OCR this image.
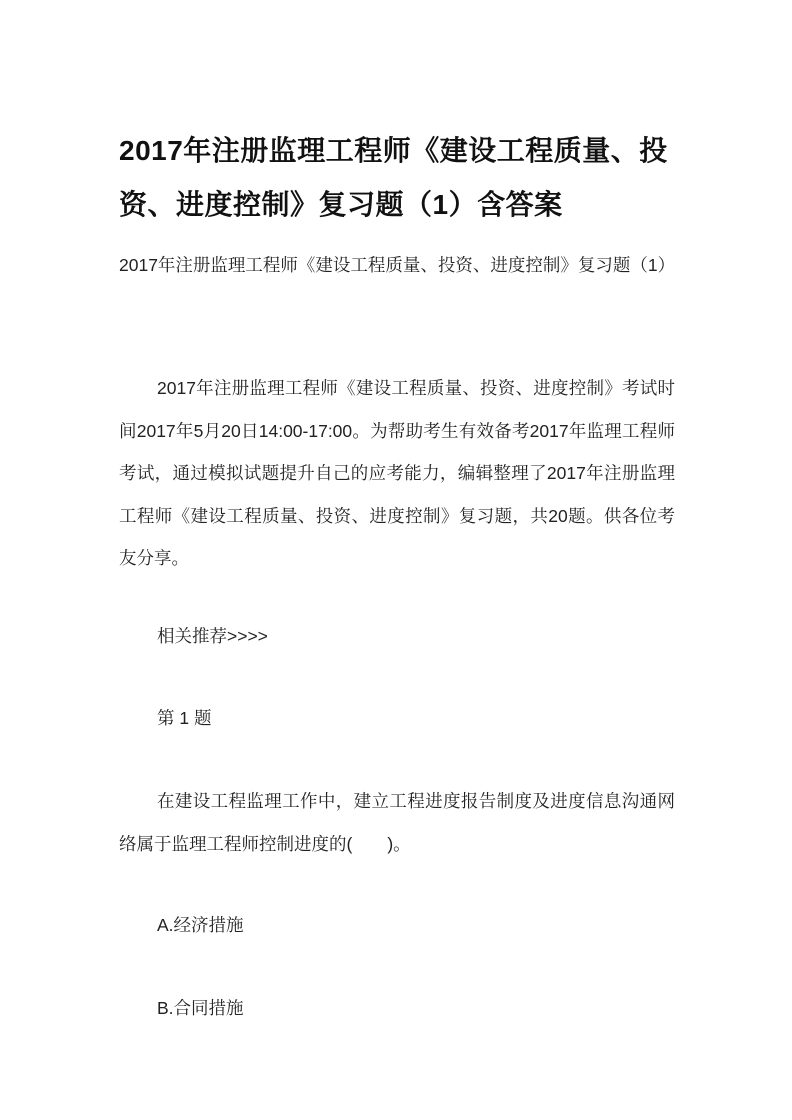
2017年注册监理工程师《建设工程质量、投资、进度控制》复习题（1）含答案

2017年注册监理工程师《建设工程质量、投资、进度控制》复习题（1）

2017年注册监理工程师《建设工程质量、投资、进度控制》考试时间2017年5月20日14:00-17:00。为帮助考生有效备考2017年监理工程师考试，通过模拟试题提升自己的应考能力，编辑整理了2017年注册监理工程师《建设工程质量、投资、进度控制》复习题，共20题。供各位考友分享。

相关推荐>>>>

第 1 题

在建设工程监理工作中，建立工程进度报告制度及进度信息沟通网络属于监理工程师控制进度的(　　)。

A.经济措施

B.合同措施
